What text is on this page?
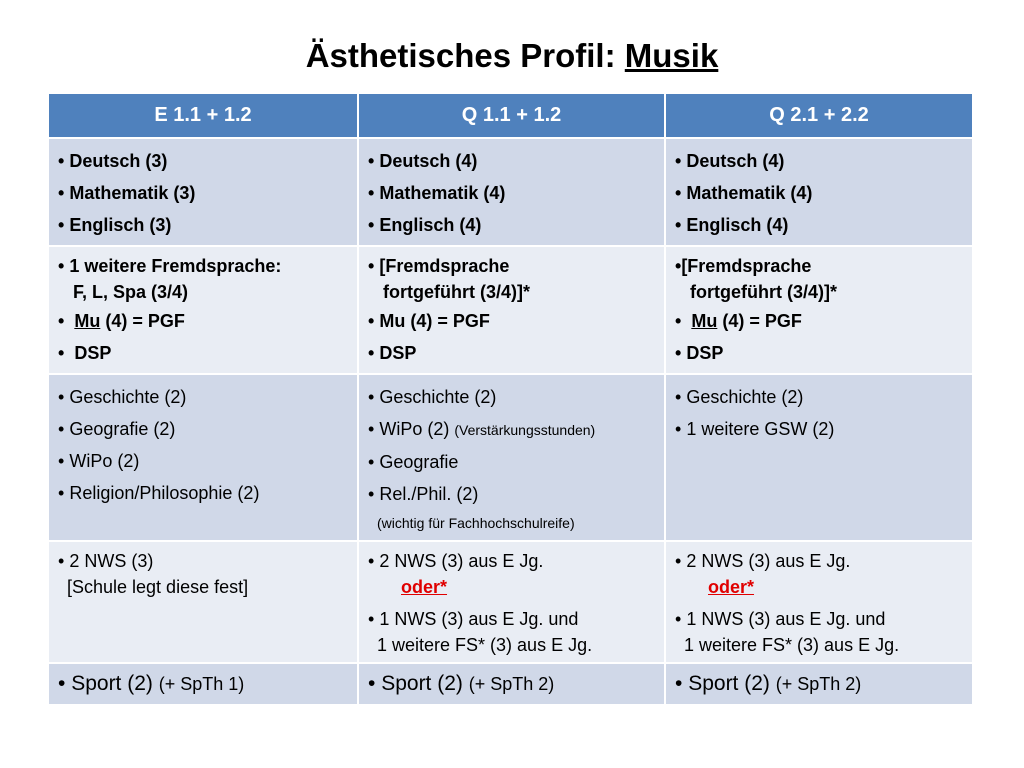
Ästhetisches Profil: Musik
E 1.1 + 1.2	Q 1.1 + 1.2	Q 2.1 + 2.2

• Deutsch (3)
• Mathematik (3)
• Englisch (3)	• Deutsch (4)
• Mathematik (4)
• Englisch (4)	• Deutsch (4)
• Mathematik (4)
• Englisch (4)

• 1 weitere Fremdsprache:
F, L, Spa (3/4)
• Mu (4) = PGF
• DSP	• [Fremdsprache
fortgeführt (3/4)]*
• Mu (4) = PGF
• DSP	•[Fremdsprache
fortgeführt (3/4)]*
• Mu (4) = PGF
• DSP

• Geschichte (2)
• Geografie (2)
• WiPo (2)
• Religion/Philosophie (2)	• Geschichte (2)
• WiPo (2) (Verstärkungsstunden)
• Geografie
• Rel./Phil. (2)
(wichtig für Fachhochschulreife)	• Geschichte (2)
• 1 weitere GSW (2)

• 2 NWS (3)
[Schule legt diese fest]	• 2 NWS (3) aus E Jg.
oder*
• 1 NWS (3) aus E Jg. und
1 weitere FS* (3) aus E Jg.	• 2 NWS (3) aus E Jg.
oder*
• 1 NWS (3) aus E Jg. und
1 weitere FS* (3) aus E Jg.

• Sport (2) (+ SpTh 1)	• Sport (2) (+ SpTh 2)	• Sport (2) (+ SpTh 2)
